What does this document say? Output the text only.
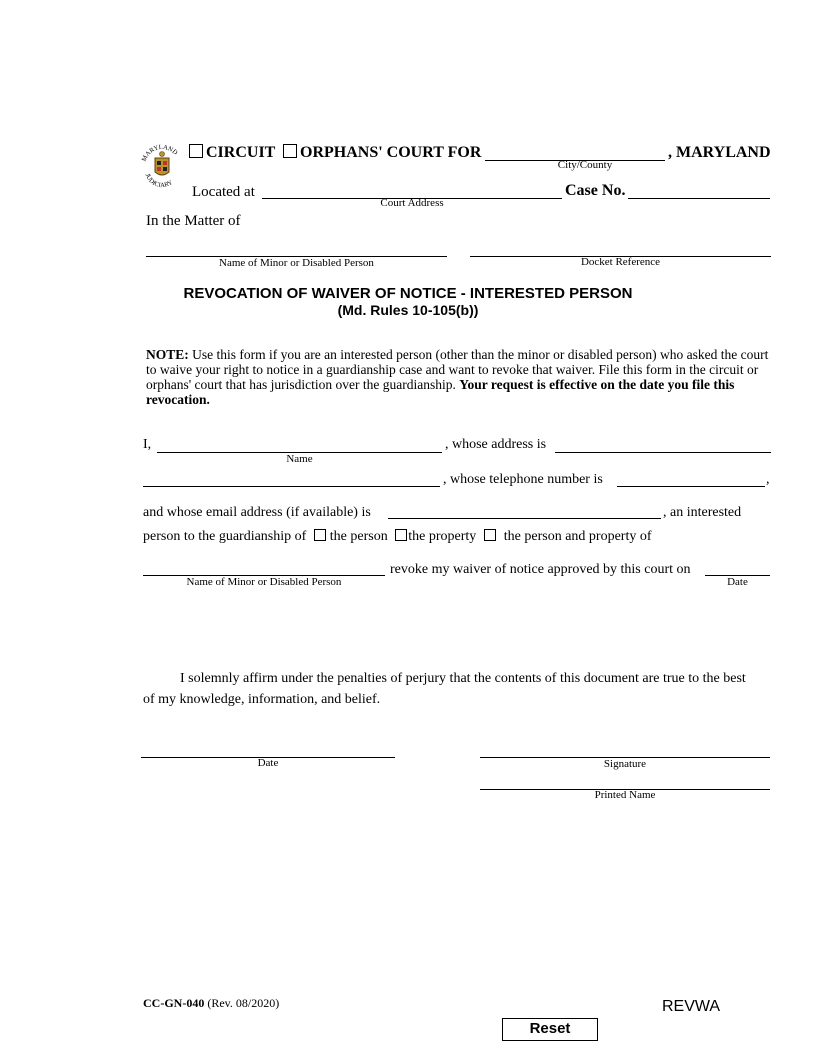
MARYLAND
JUDICIARY
CIRCUIT	ORPHANS' COURT FOR	, MARYLAND
City/County
Located at
Court Address
Case No.
In the Matter of
Name of Minor or Disabled Person	Docket Reference
REVOCATION OF WAIVER OF NOTICE - INTERESTED PERSON
(Md. Rules 10-105(b))
NOTE: Use this form if you are an interested person (other than the minor or disabled person) who asked the court to waive your right to notice in a guardianship case and want to revoke that waiver. File this form in the circuit or orphans' court that has jurisdiction over the guardianship. Your request is effective on the date you file this revocation.
I,
Name
, whose address is
, whose telephone number is	,
and whose email address (if available) is	, an interested
person to the guardianship of the person the property the person and property of
Name of Minor or Disabled Person
revoke my waiver of notice approved by this court on
Date
I solemnly affirm under the penalties of perjury that the contents of this document are true to the best
of my knowledge, information, and belief.
Date	Signature
Printed Name
CC-GN-040 (Rev. 08/2020)	REVWA
Reset
